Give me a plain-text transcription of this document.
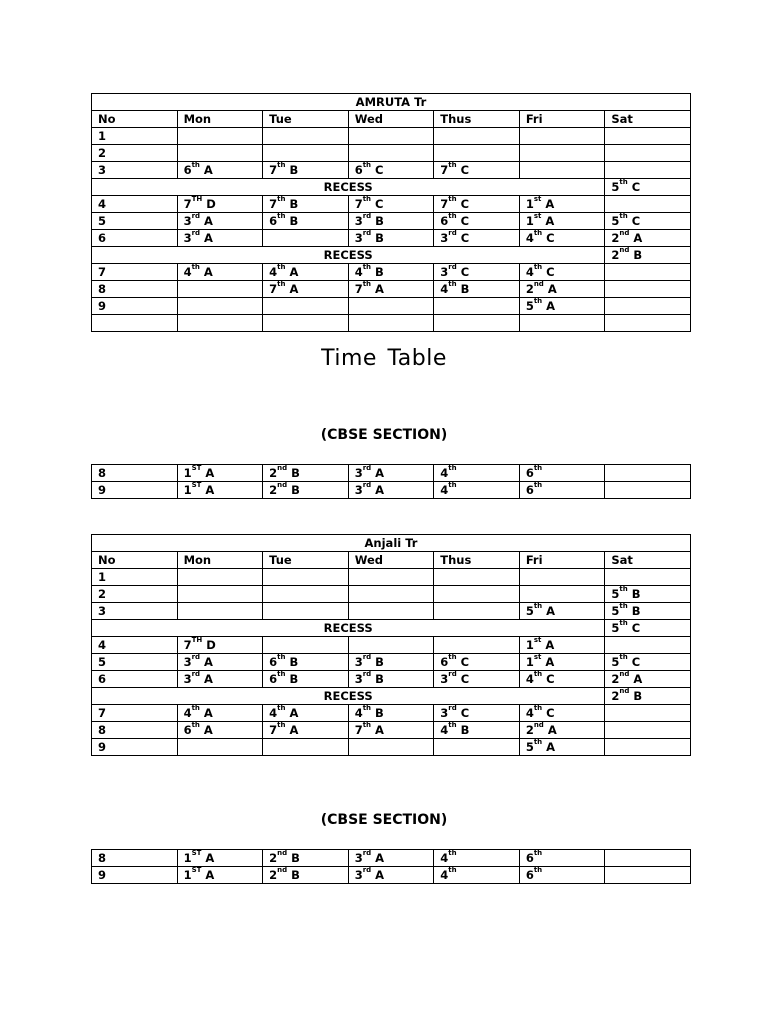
AMRUTA Tr						
No	Mon	Tue	Wed	Thus	Fri	Sat
1						
2						
3	6th A	7th B	6th C	7th C		
RECESS						5th C
4	7TH D	7th B	7th C	7th C	1st A	
5	3rd A	6th B	3rd B	6th C	1st A	5th C
6	3rd A		3rd B	3rd C	4th C	2nd A
RECESS						2nd B
7	4th A	4th A	4th B	3rd C	4th C	
8		7th A	7th A	4th B	2nd A	
9					5th A	

Time Table
(CBSE SECTION)
8	1ST A	2nd B	3rd A	4th	6th	
9	1ST A	2nd B	3rd A	4th	6th	
Anjali Tr						
No	Mon	Tue	Wed	Thus	Fri	Sat
1						
2						5th B
3					5th A	5th B
RECESS						5th C
4	7TH D				1st A	
5	3rd A	6th B	3rd B	6th C	1st A	5th C
6	3rd A	6th B	3rd B	3rd C	4th C	2nd A
RECESS						2nd B
7	4th A	4th A	4th B	3rd C	4th C	
8	6th A	7th A	7th A	4th B	2nd A	
9					5th A	
(CBSE SECTION)
8	1ST A	2nd B	3rd A	4th	6th	
9	1ST A	2nd B	3rd A	4th	6th	
